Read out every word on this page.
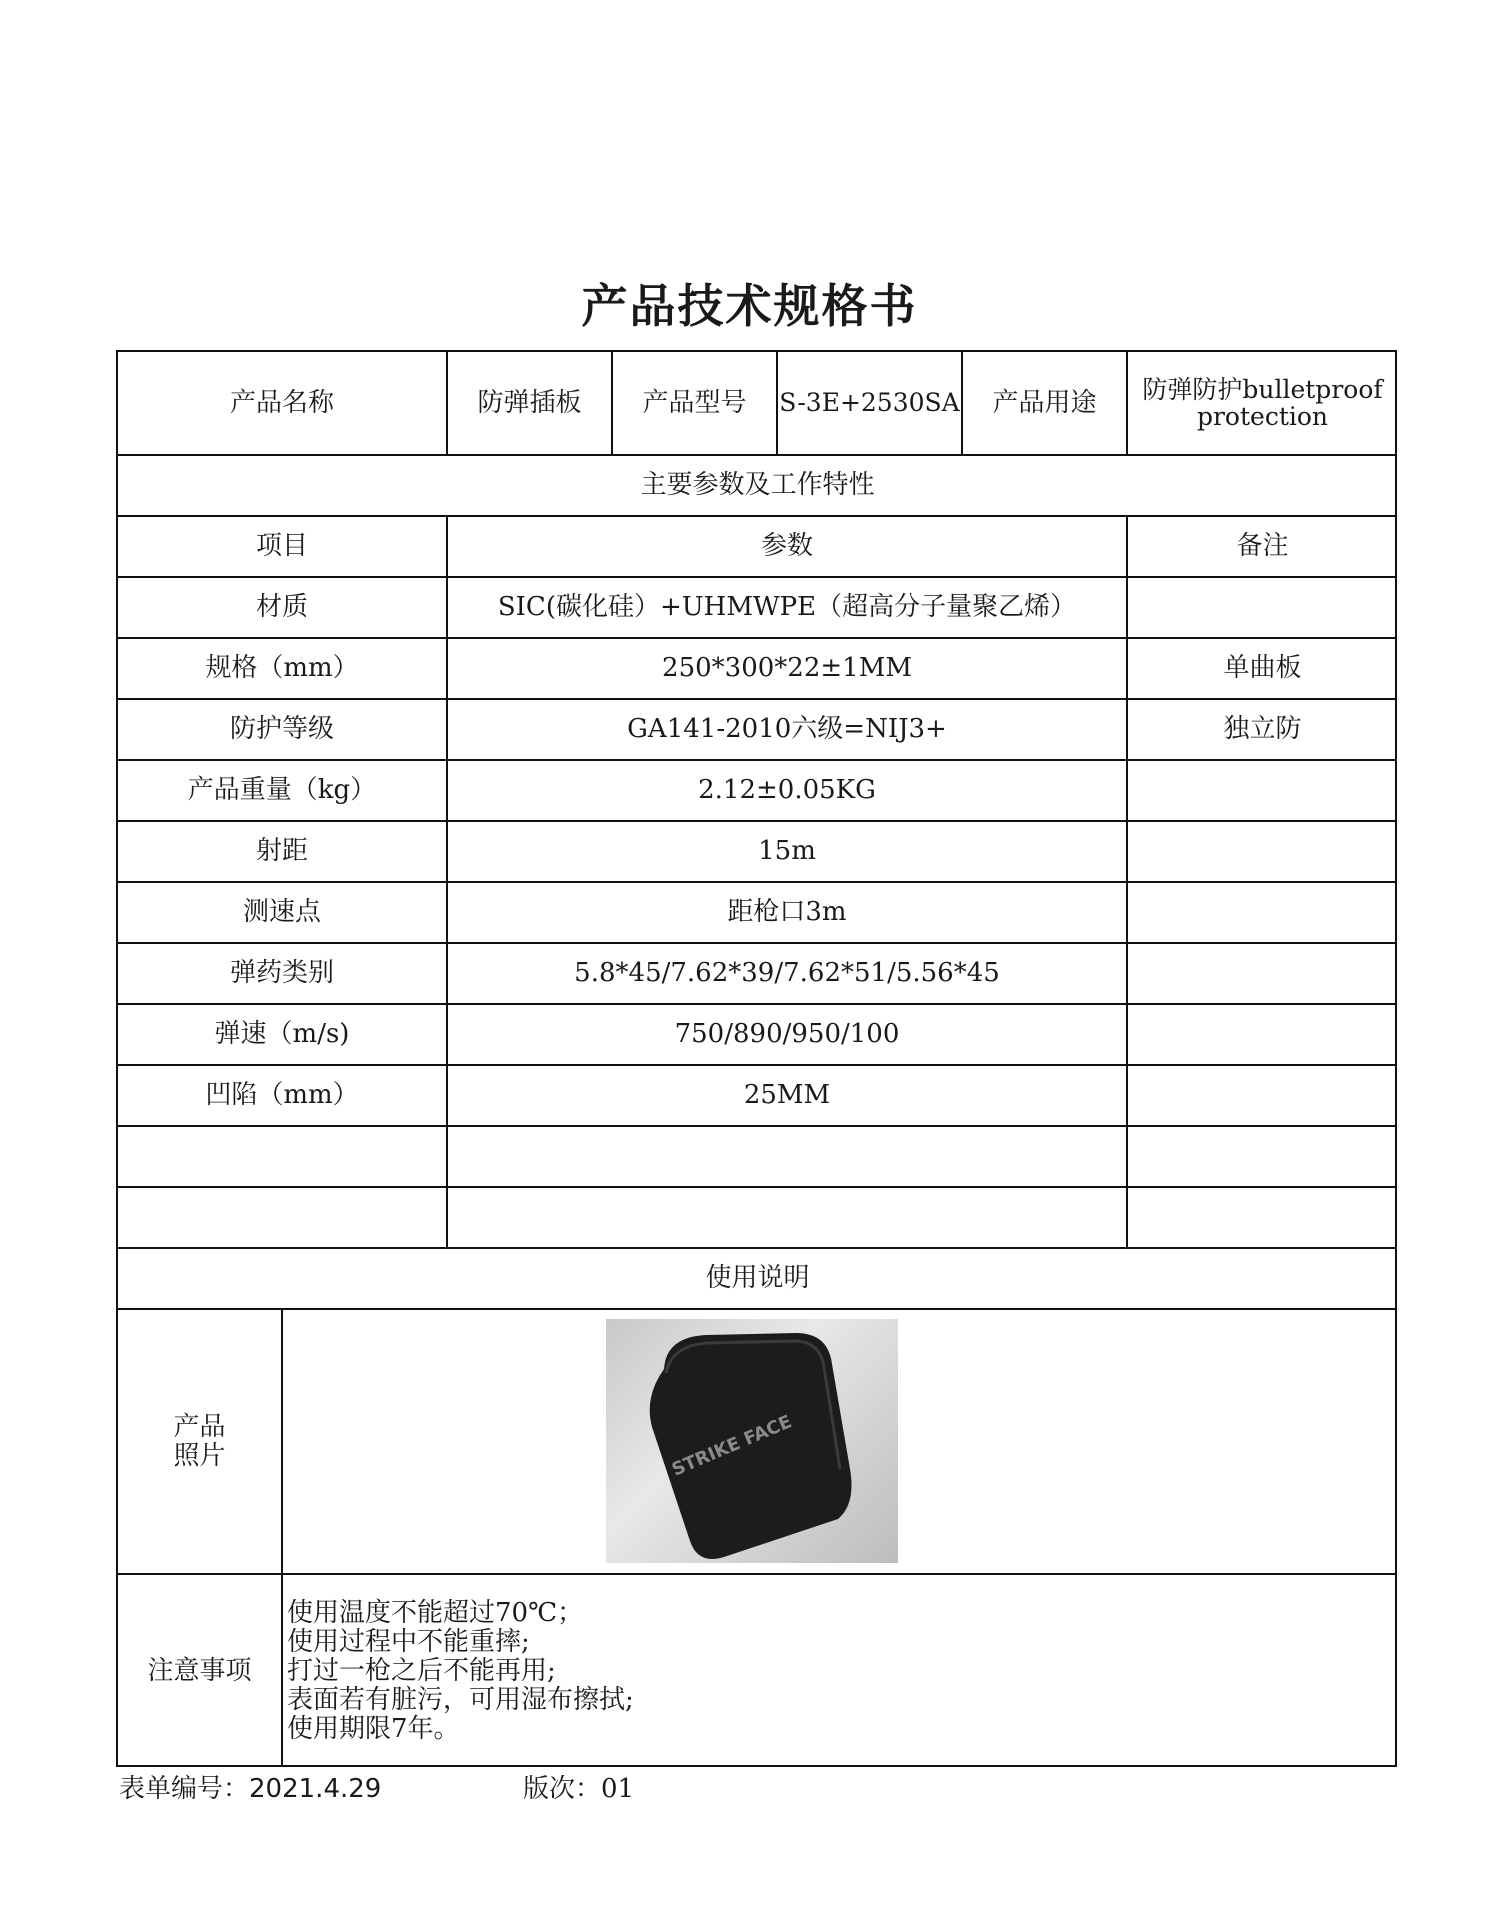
产品技术规格书
产品名称	防弹插板	产品型号	S-3E+2530SA	产品用途	防弹防护bulletproof
protection
主要参数及工作特性
项目	参数	备注
材质	SIC(碳化硅）+UHMWPE（超高分子量聚乙烯）
规格（mm）	250*300*22±1MM	单曲板
防护等级	GA141-2010六级=NIJ3+	独立防
产品重量（kg）	2.12±0.05KG
射距	15m
测速点	距枪口3m
弹药类别	5.8*45/7.62*39/7.62*51/5.56*45
弹速（m/s)	750/890/950/100
凹陷（mm）	25MM
使用说明
产品
照片
注意事项
使用温度不能超过70℃；
使用过程中不能重摔;
打过一枪之后不能再用;
表面若有脏污，可用湿布擦拭;
使用期限7年。
STRIKE FACE
表单编号：2021.4.29	版次：01
